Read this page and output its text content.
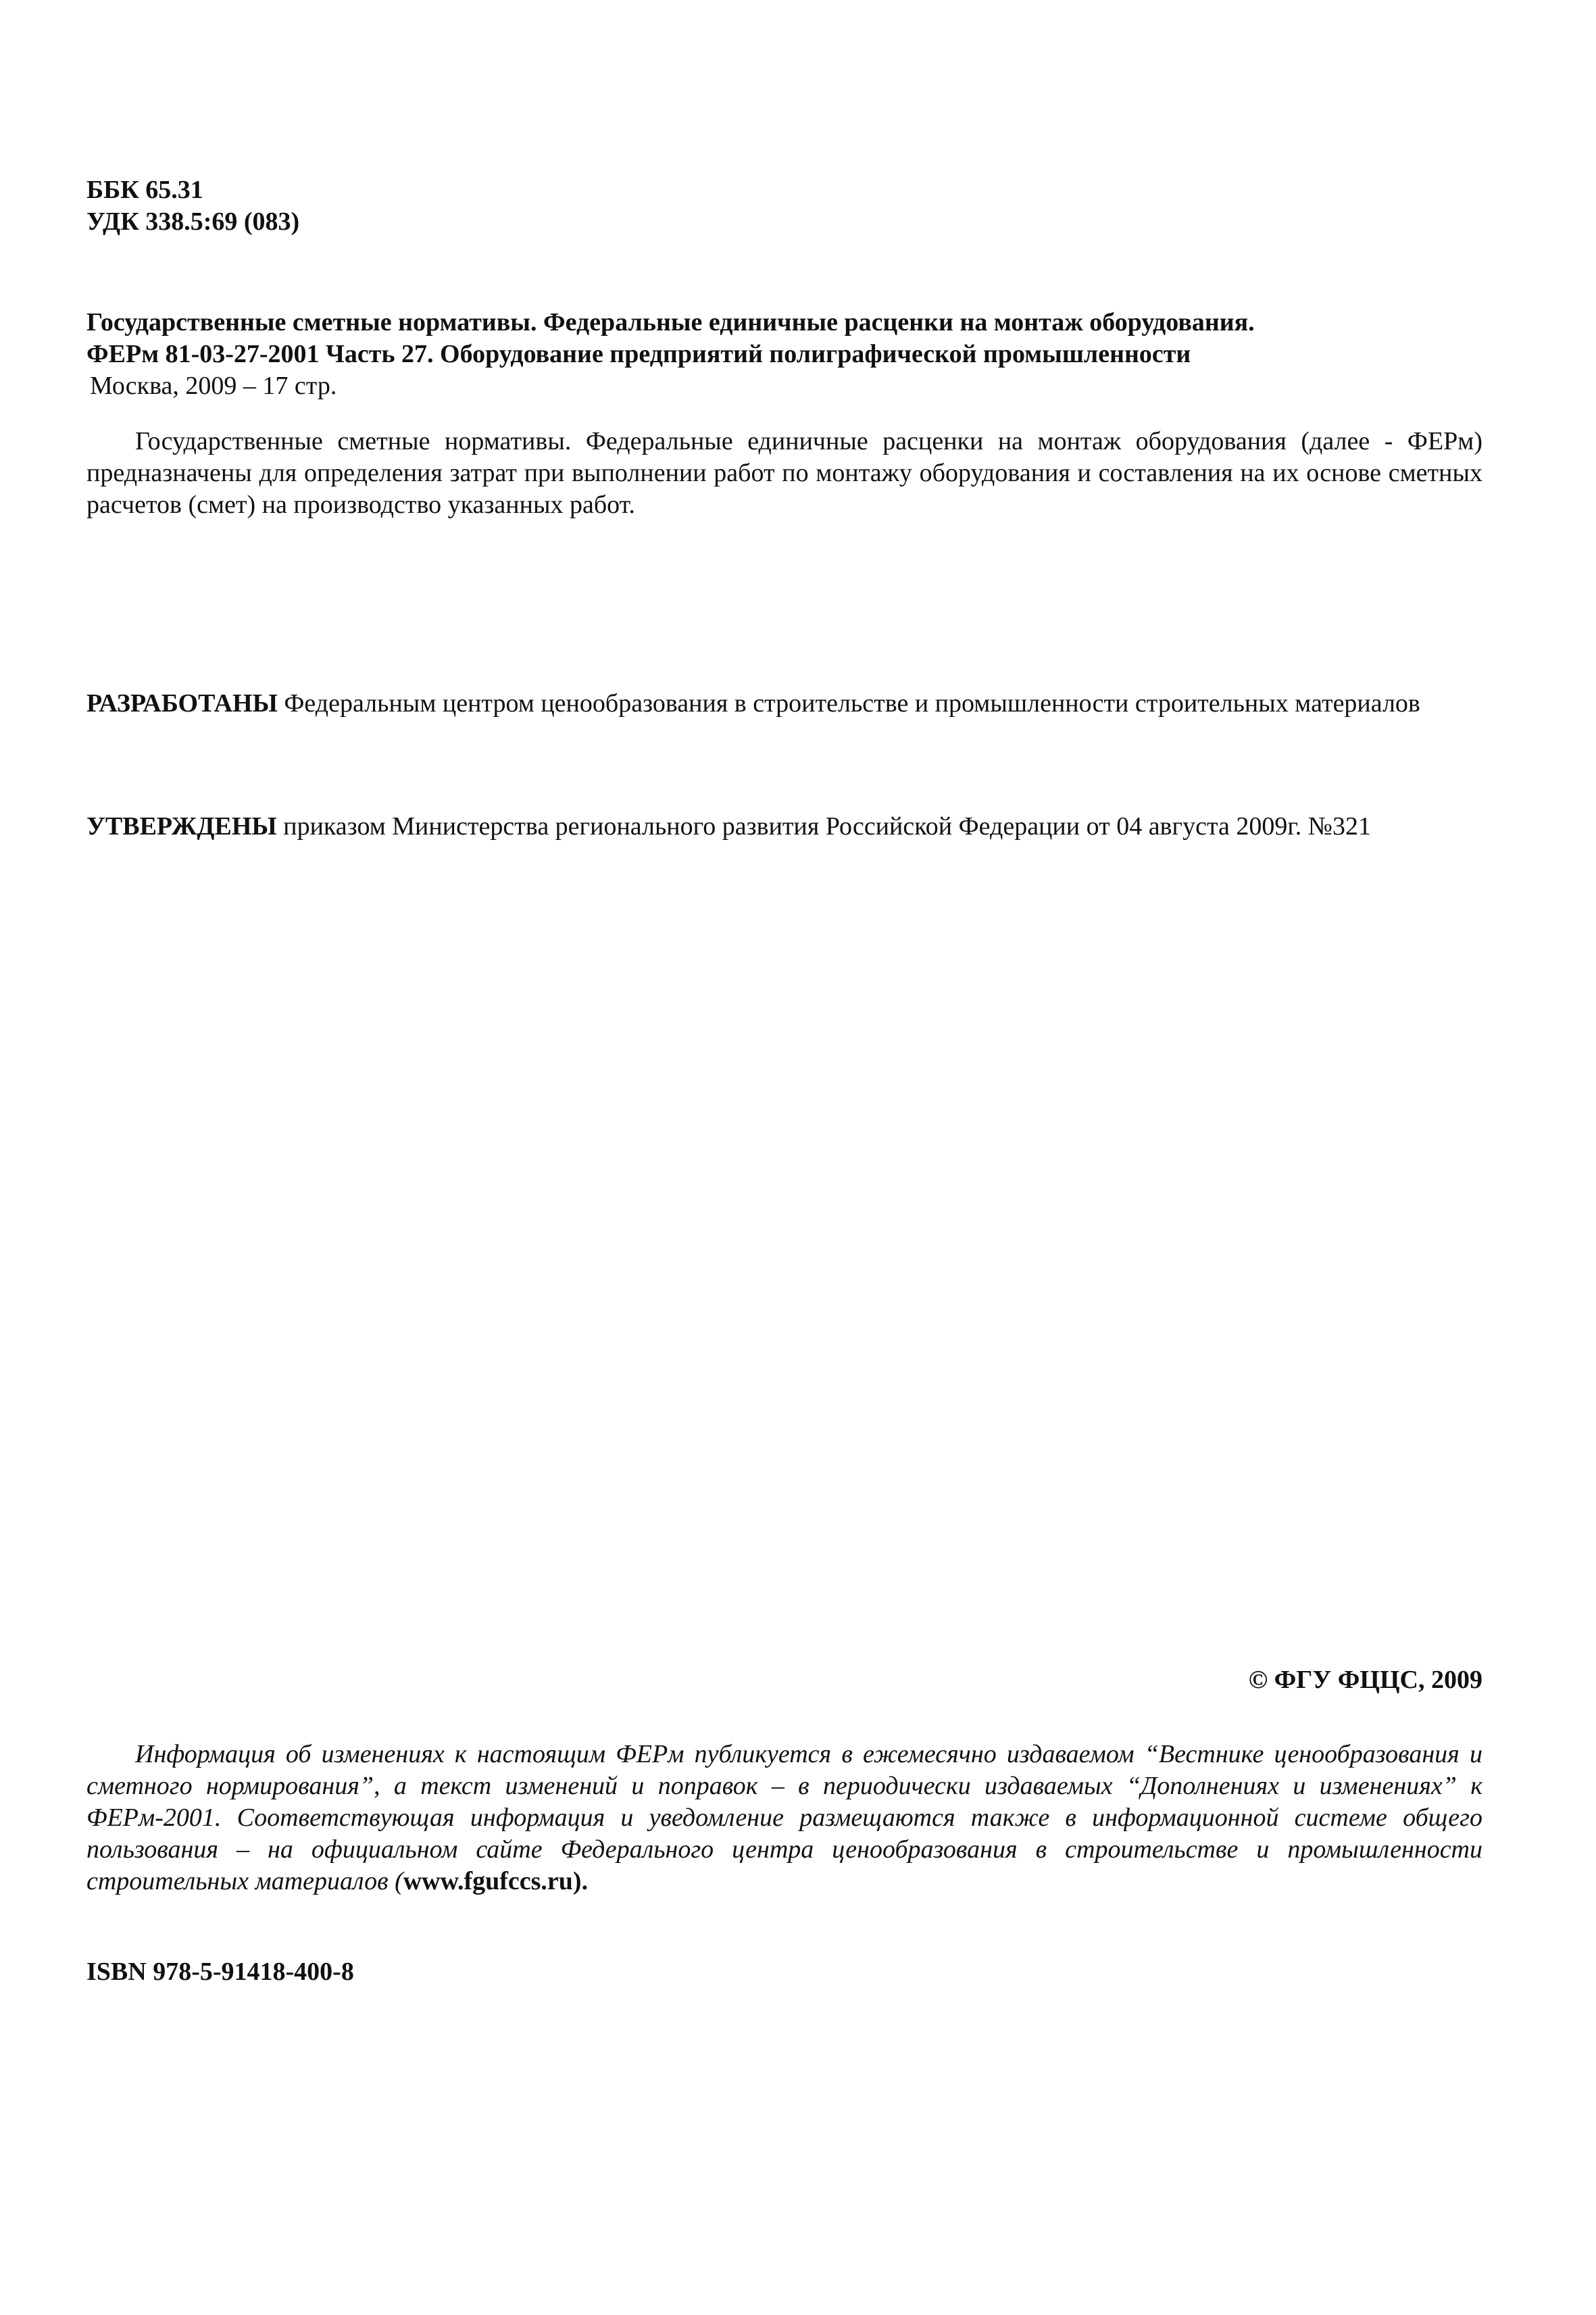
ББК 65.31
УДК 338.5:69 (083)
Государственные сметные нормативы. Федеральные единичные расценки на монтаж оборудования.
ФЕРм 81-03-27-2001 Часть 27. Оборудование предприятий полиграфической промышленности
Москва, 2009 – 17 стр.
Государственные сметные нормативы. Федеральные единичные расценки на монтаж оборудования (далее - ФЕРм) предназначены для определения затрат при выполнении работ по монтажу оборудования и составления на их основе сметных расчетов (смет) на производство указанных работ.
РАЗРАБОТАНЫ Федеральным центром ценообразования в строительстве и промышленности строительных материалов
УТВЕРЖДЕНЫ приказом Министерства регионального развития Российской Федерации от 04 августа 2009г. №321
© ФГУ ФЦЦС, 2009
Информация об изменениях к настоящим ФЕРм публикуется в ежемесячно издаваемом “Вестнике ценообразования и сметного нормирования”, а текст изменений и поправок – в периодически издаваемых “Дополнениях и изменениях” к ФЕРм-2001. Соответствующая информация и уведомление размещаются также в информационной системе общего пользования – на официальном сайте Федерального центра ценообразования в строительстве и промышленности строительных материалов (www.fgufccs.ru).
ISBN 978-5-91418-400-8
